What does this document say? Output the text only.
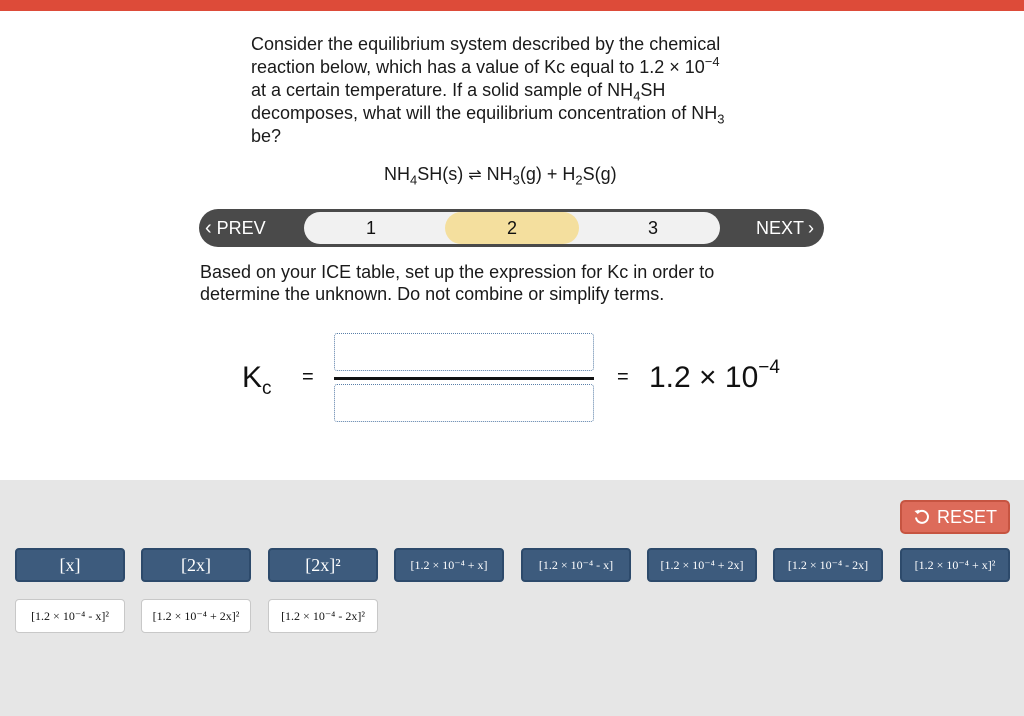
Consider the equilibrium system described by the chemical
reaction below, which has a value of Kc equal to $1.2 \times 10^{-4}$
at a certain temperature. If a solid sample of $NH_4SH$
decomposes, what will the equilibrium concentration of $NH_3$
be?
$NH_4SH(s)$ ⇌ $NH_3(g) + H_2S(g)$
‹ PREV	1	2	3	NEXT ›
Based on your ICE table, set up the expression for Kc in order to
determine the unknown. Do not combine or simplify terms.
$K_c$
=	= $1.2 \times 10^{-4}$
RESET
[x]	[2x]	[2x]²	[1.2 × 10⁻⁴ + x]	[1.2 × 10⁻⁴ - x]	[1.2 × 10⁻⁴ + 2x]	[1.2 × 10⁻⁴ - 2x]	[1.2 × 10⁻⁴ + x]²
[1.2 × 10⁻⁴ - x]²	[1.2 × 10⁻⁴ + 2x]²	[1.2 × 10⁻⁴ - 2x]²
